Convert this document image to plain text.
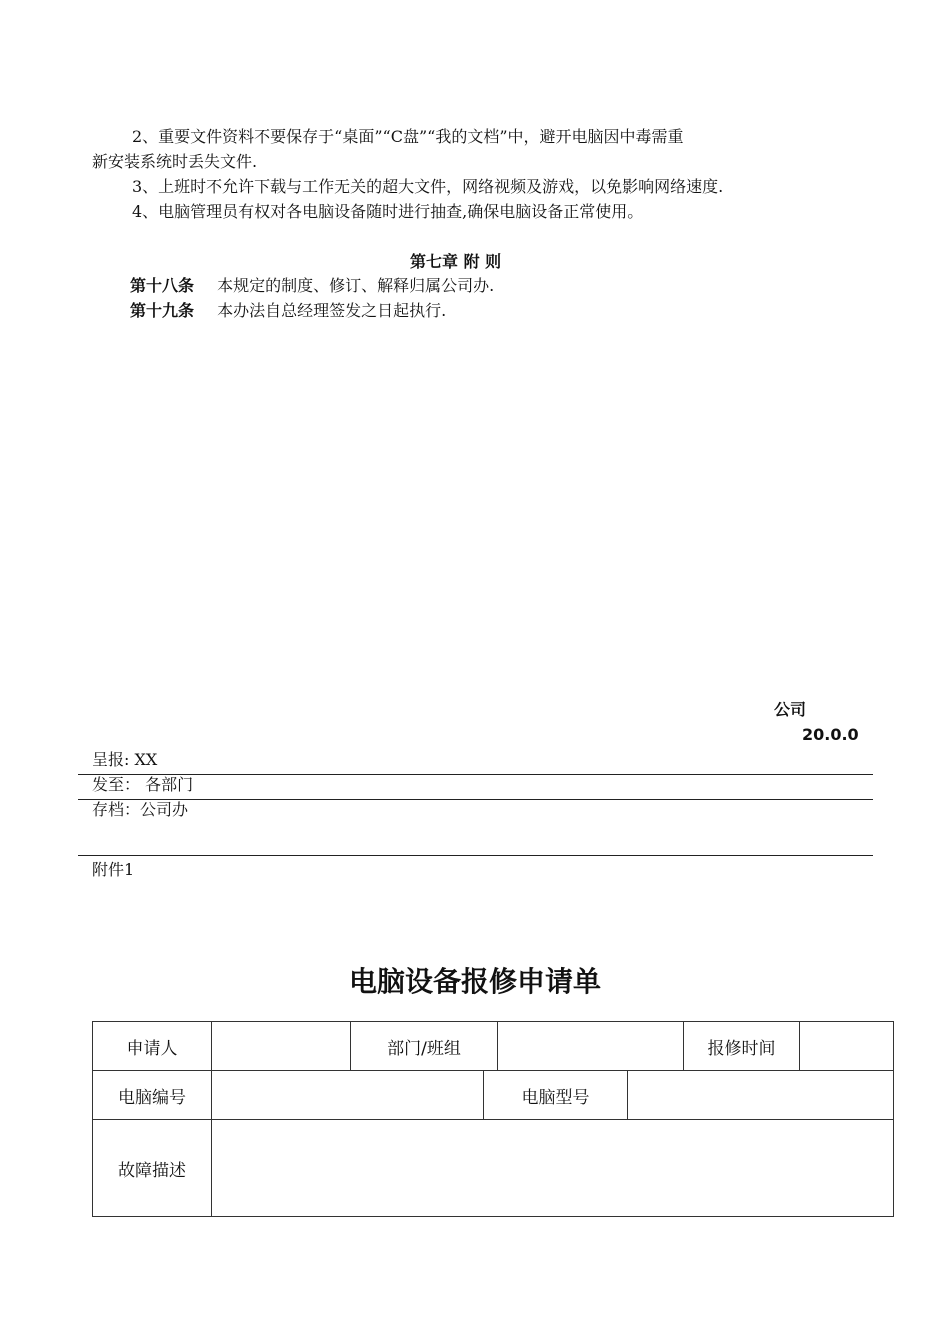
2、重要文件资料不要保存于“桌面”“C盘”“我的文档”中，避开电脑因中毒需重
新安装系统时丢失文件.
3、上班时不允许下载与工作无关的超大文件，网络视频及游戏，以免影响网络速度.
4、电脑管理员有权对各电脑设备随时进行抽查,确保电脑设备正常使用。
第七章 附 则
第十八条 本规定的制度、修订、解释归属公司办.
第十九条 本办法自总经理签发之日起执行.
公司
20.0.0
呈报: XX
发至： 各部门
存档：公司办
附件1
电脑设备报修申请单
申请人		部门/班组				报修时间	
电脑编号			电脑型号				
故障描述							
